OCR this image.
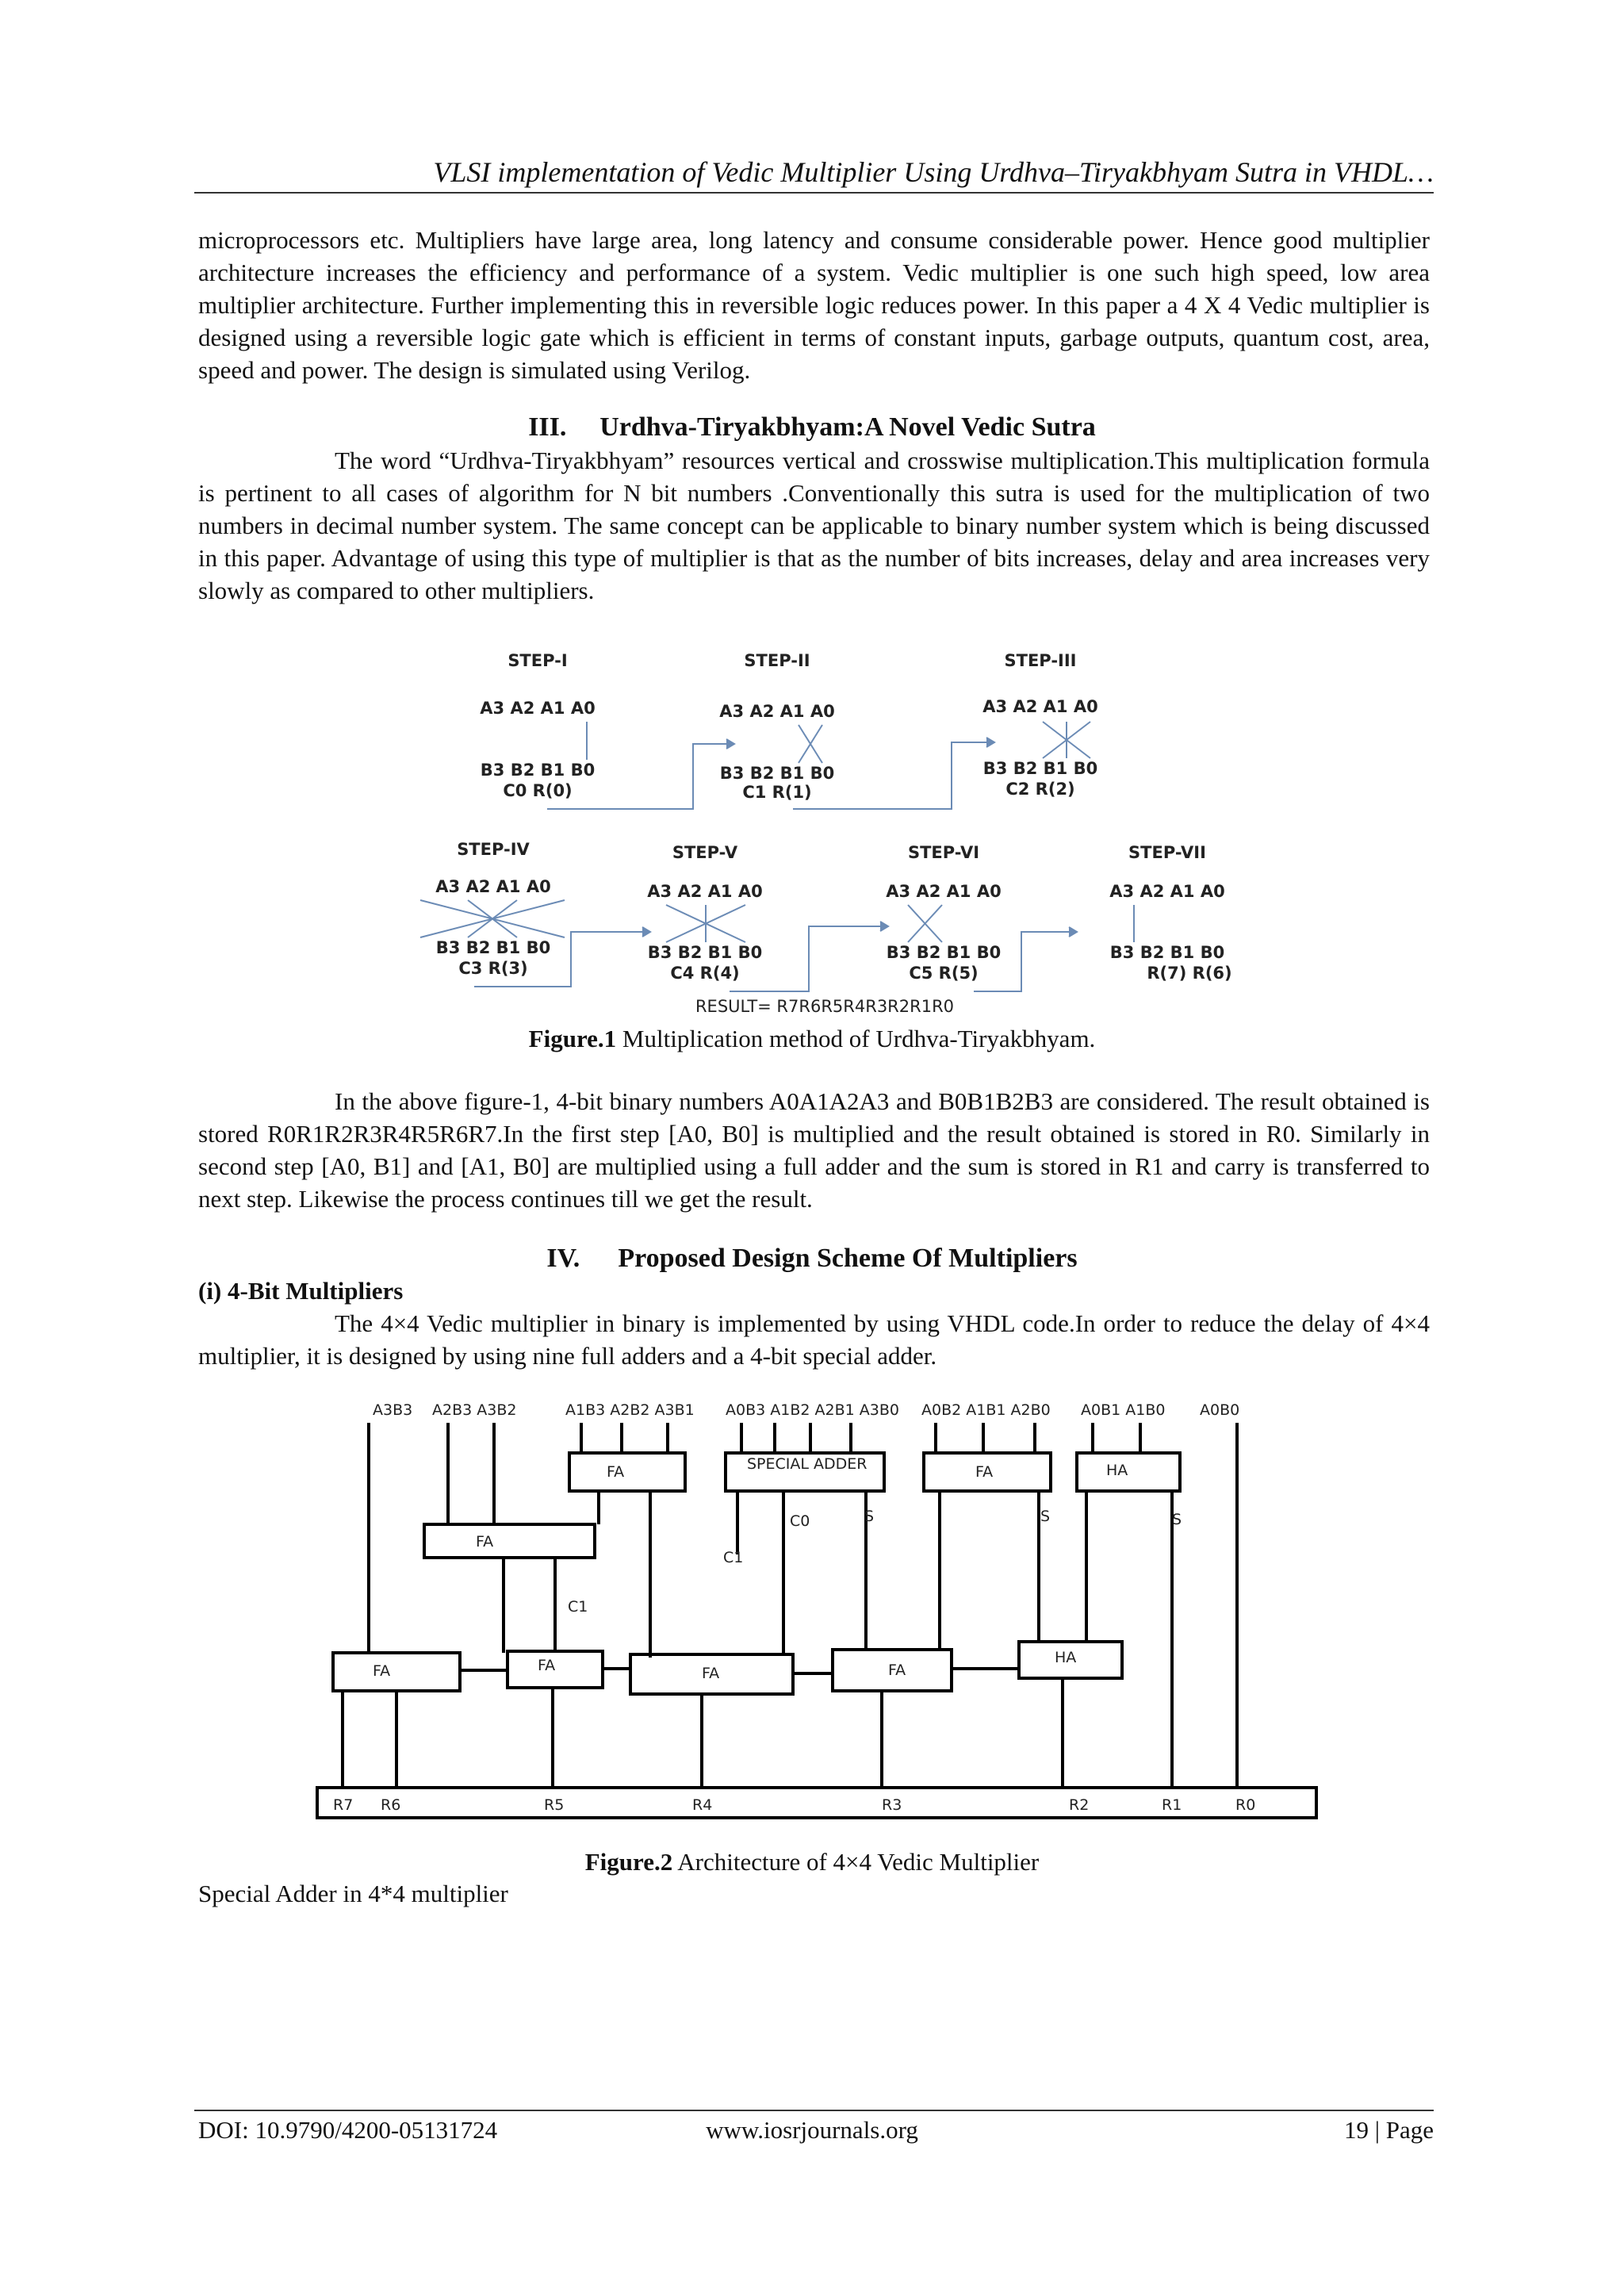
VLSI implementation of Vedic Multiplier Using Urdhva–Tiryakbhyam Sutra in VHDL…

microprocessors etc. Multipliers have large area, long latency and consume considerable power. Hence good multiplier architecture increases the efficiency and performance of a system. Vedic multiplier is one such high speed, low area multiplier architecture. Further implementing this in reversible logic reduces power. In this paper a 4 X 4 Vedic multiplier is designed using a reversible logic gate which is efficient in terms of constant inputs, garbage outputs, quantum cost, area, speed and power. The design is simulated using Verilog.

III. Urdhva-Tiryakbhyam:A Novel Vedic Sutra

The word “Urdhva-Tiryakbhyam” resources vertical and crosswise multiplication.This multiplication formula is pertinent to all cases of algorithm for N bit numbers .Conventionally this sutra is used for the multiplication of two numbers in decimal number system. The same concept can be applicable to binary number system which is being discussed in this paper. Advantage of using this type of multiplier is that as the number of bits increases, delay and area increases very slowly as compared to other multipliers.

STEP-I
A3 A2 A1 A0
B3 B2 B1 B0
C0 R(0)
STEP-II
A3 A2 A1 A0
B3 B2 B1 B0
C1 R(1)
STEP-III
A3 A2 A1 A0
B3 B2 B1 B0
C2 R(2)
STEP-IV
A3 A2 A1 A0
B3 B2 B1 B0
C3 R(3)
STEP-V
A3 A2 A1 A0
B3 B2 B1 B0
C4 R(4)
STEP-VI
A3 A2 A1 A0
B3 B2 B1 B0
C5 R(5)
STEP-VII
A3 A2 A1 A0
B3 B2 B1 B0
R(7) R(6)
RESULT= R7R6R5R4R3R2R1R0
Figure.1 Multiplication method of Urdhva-Tiryakbhyam.

In the above figure-1, 4-bit binary numbers A0A1A2A3 and B0B1B2B3 are considered. The result obtained is stored R0R1R2R3R4R5R6R7.In the first step [A0, B0] is multiplied and the result obtained is stored in R0. Similarly in second step [A0, B1] and [A1, B0] are multiplied using a full adder and the sum is stored in R1 and carry is transferred to next step. Likewise the process continues till we get the result.

IV. Proposed Design Scheme Of Multipliers
(i) 4-Bit Multipliers

The 4×4 Vedic multiplier in binary is implemented by using VHDL code.In order to reduce the delay of 4×4 multiplier, it is designed by using nine full adders and a 4-bit special adder.

A3B3 A2B3 A3B2	A1B3 A2B2 A3B1 A0B3 A1B2 A2B1 A3B0 A0B2 A1B1 A2B0 A0B1 A1B0 A0B0
FA	SPECIAL ADDER	FA	HA
FA
FA	FA	FA	FA
HA
C0
C1
C1
S	S	S
R7 R6	R5	R4	R3	R2	R1	R0
Figure.2 Architecture of 4×4 Vedic Multiplier
Special Adder in 4*4 multiplier
DOI: 10.9790/4200-05131724	www.iosrjournals.org	19 | Page
